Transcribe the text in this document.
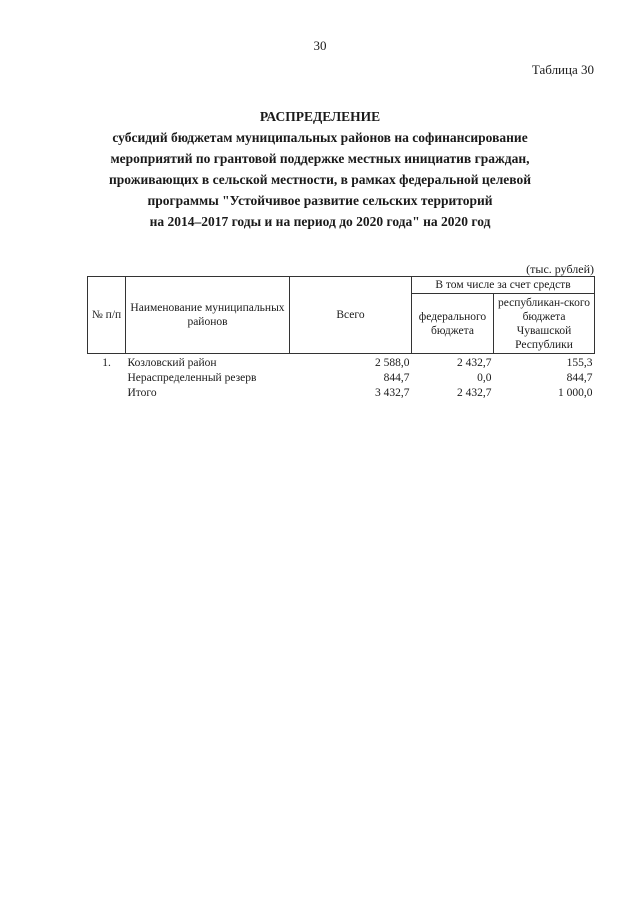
30
Таблица 30
РАСПРЕДЕЛЕНИЕ
субсидий бюджетам муниципальных районов на софинансирование
мероприятий по грантовой поддержке местных инициатив граждан,
проживающих в сельской местности, в рамках федеральной целевой
программы "Устойчивое развитие сельских территорий
на 2014–2017 годы и на период до 2020 года" на 2020 год
(тыс. рублей)
№ п/п	Наименование муниципальных районов	Всего	В том числе за счет средств	
			федерального бюджета	республикан-ского бюджета Чувашской Республики
1.	Козловский район	2 588,0	2 432,7	155,3
	Нераспределенный резерв	844,7	0,0	844,7
	Итого	3 432,7	2 432,7	1 000,0
